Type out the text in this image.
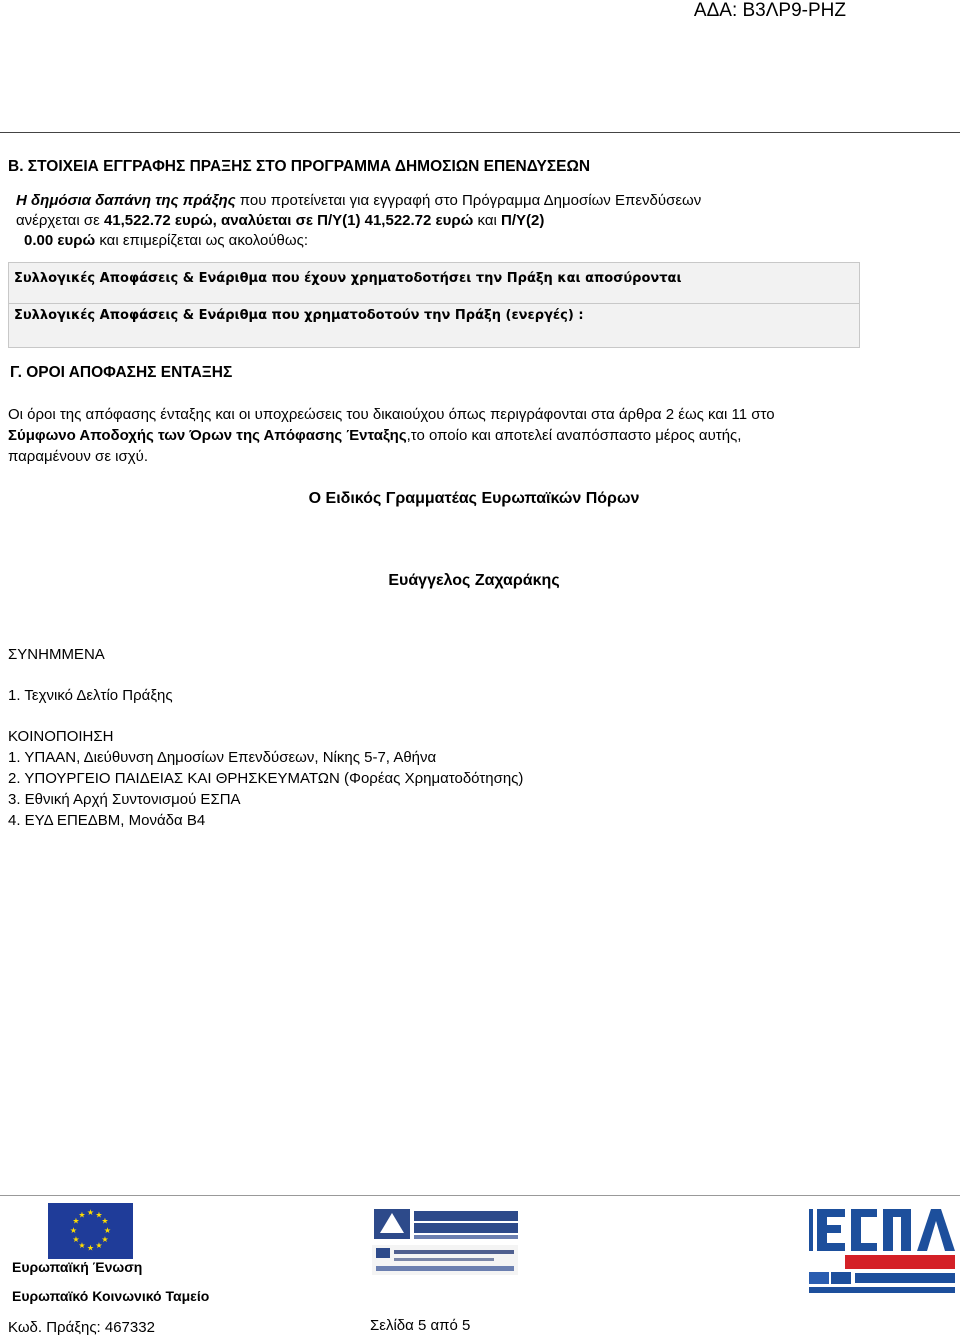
ΑΔΑ: Β3ΛΡ9-ΡΗΖ
Β. ΣΤΟΙΧΕΙΑ ΕΓΓΡΑΦΗΣ ΠΡΑΞΗΣ ΣΤΟ ΠΡΟΓΡΑΜΜΑ ΔΗΜΟΣΙΩΝ ΕΠΕΝΔΥΣΕΩΝ
Η δημόσια δαπάνη της πράξης που προτείνεται για εγγραφή στο Πρόγραμμα Δημοσίων Επενδύσεων
ανέρχεται σε 41,522.72 ευρώ, αναλύεται σε Π/Υ(1) 41,522.72 ευρώ και Π/Υ(2)
0.00 ευρώ και επιμερίζεται ως ακολούθως:
Συλλογικές Αποφάσεις & Ενάριθμα που έχουν χρηματοδοτήσει την Πράξη και αποσύρονται
Συλλογικές Αποφάσεις & Ενάριθμα που χρηματοδοτούν την Πράξη (ενεργές) :
Γ. ΟΡΟΙ ΑΠΟΦΑΣΗΣ ΕΝΤΑΞΗΣ
Οι όροι της απόφασης ένταξης και οι υποχρεώσεις του δικαιούχου όπως περιγράφονται στα άρθρα 2 έως και 11 στο
Σύμφωνο Αποδοχής των Όρων της Απόφασης Ένταξης,το οποίο και αποτελεί αναπόσπαστο μέρος αυτής,
παραμένουν σε ισχύ.
Ο Ειδικός Γραμματέας Ευρωπαϊκών Πόρων
Ευάγγελος Ζαχαράκης
ΣΥΝΗΜΜΕΝΑ
1. Τεχνικό Δελτίο Πράξης
ΚΟΙΝΟΠΟΙΗΣΗ
1. ΥΠΑΑΝ, Διεύθυνση Δημοσίων Επενδύσεων, Νίκης 5-7, Αθήνα
2. ΥΠΟΥΡΓΕΙΟ ΠΑΙΔΕΙΑΣ ΚΑΙ ΘΡΗΣΚΕΥΜΑΤΩΝ (Φορέας Χρηματοδότησης)
3. Εθνική Αρχή Συντονισμού ΕΣΠΑ
4. ΕΥΔ ΕΠΕΔΒΜ, Μονάδα Β4
★ ★
★
★
★
★
★
★
★
★
★
★
Ευρωπαϊκή Ένωση
Ευρωπαϊκό Κοινωνικό Ταμείο
Κωδ. Πράξης: 467332	Σελίδα 5 από 5
